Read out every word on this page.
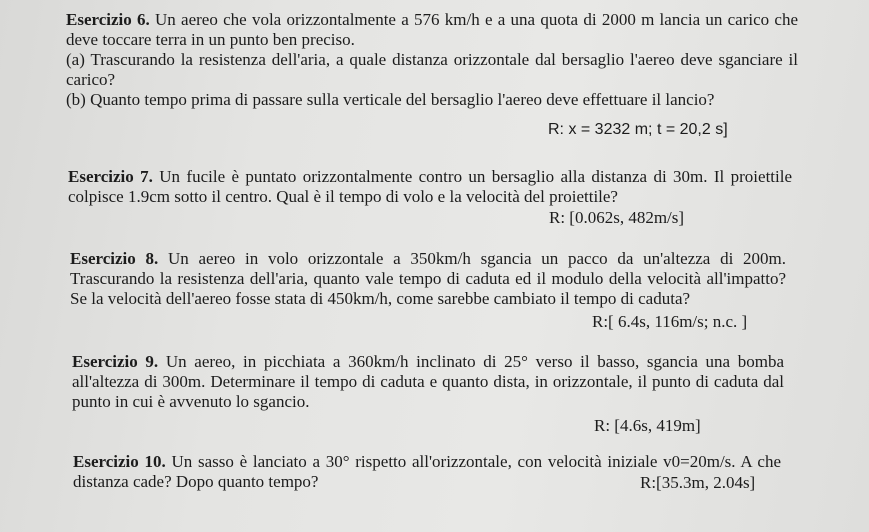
Esercizio 6. Un aereo che vola orizzontalmente a 576 km/h e a una quota di 2000 m lancia un carico che deve toccare terra in un punto ben preciso.

(a) Trascurando la resistenza dell'aria, a quale distanza orizzontale dal bersaglio l'aereo deve sganciare il carico?

(b) Quanto tempo prima di passare sulla verticale del bersaglio l'aereo deve effettuare il lancio?

R: x = 3232 m; t = 20,2 s]

Esercizio 7. Un fucile è puntato orizzontalmente contro un bersaglio alla distanza di 30m. Il proiettile colpisce 1.9cm sotto il centro. Qual è il tempo di volo e la velocità del proiettile?

R: [0.062s, 482m/s]

Esercizio 8. Un aereo in volo orizzontale a 350km/h sgancia un pacco da un'altezza di 200m. Trascurando la resistenza dell'aria, quanto vale tempo di caduta ed il modulo della velocità all'impatto? Se la velocità dell'aereo fosse stata di 450km/h, come sarebbe cambiato il tempo di caduta?

R:[ 6.4s, 116m/s; n.c. ]

Esercizio 9. Un aereo, in picchiata a 360km/h inclinato di 25° verso il basso, sgancia una bomba all'altezza di 300m. Determinare il tempo di caduta e quanto dista, in orizzontale, il punto di caduta dal punto in cui è avvenuto lo sgancio.

R: [4.6s, 419m]

Esercizio 10. Un sasso è lanciato a 30° rispetto all'orizzontale, con velocità iniziale v0=20m/s. A che distanza cade? Dopo quanto tempo?	R:[35.3m, 2.04s]
